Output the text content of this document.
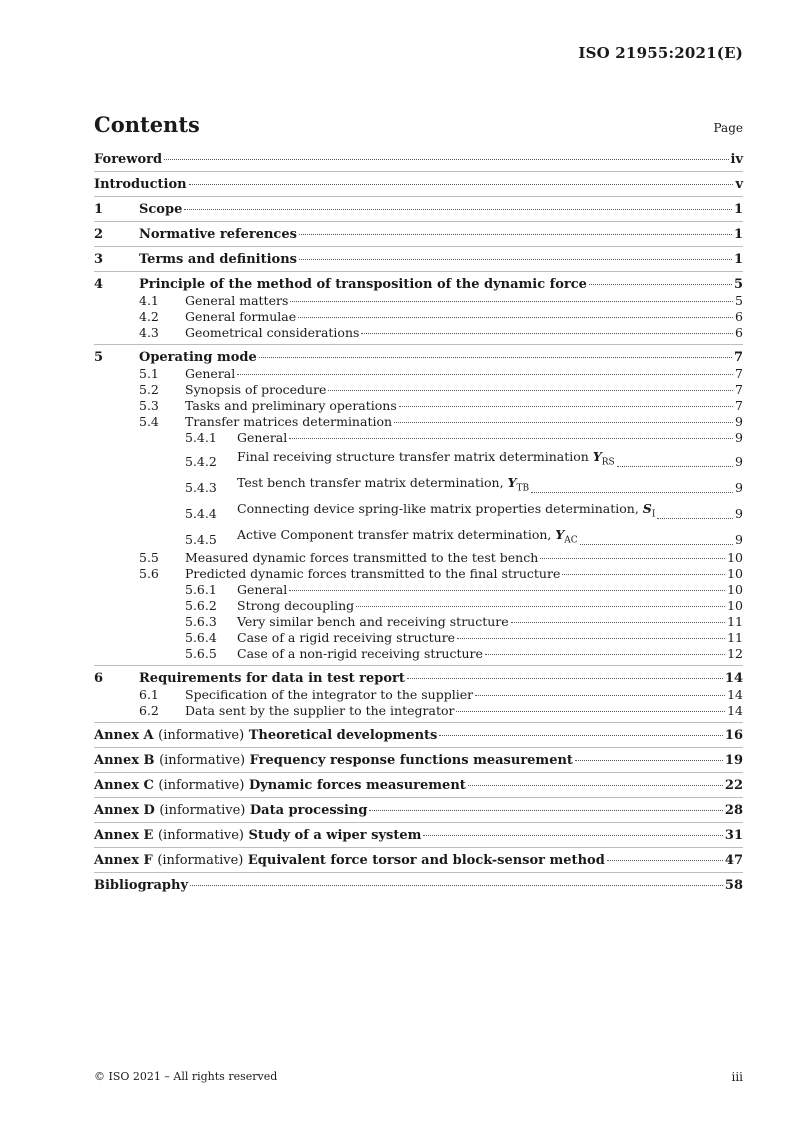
ISO 21955:2021(E)
Contents	Page
Foreword	iv
Introduction	v
1	Scope	1
2	Normative references	1
3	Terms and definitions	1
4	Principle of the method of transposition of the dynamic force	5
4.1	General matters	5
4.2	General formulae	6
4.3	Geometrical considerations	6
5	Operating mode	7
5.1	General	7
5.2	Synopsis of procedure	7
5.3	Tasks and preliminary operations	7
5.4	Transfer matrices determination	9
5.4.1	General	9
5.4.2	Final receiving structure transfer matrix determination $Y_{RS}$	9
5.4.3	Test bench transfer matrix determination, $Y_{TB}$	9
5.4.4	Connecting device spring-like matrix properties determination, $S_I$	9
5.4.5	Active Component transfer matrix determination, $Y_{AC}$	9
5.5	Measured dynamic forces transmitted to the test bench	10
5.6	Predicted dynamic forces transmitted to the final structure	10
5.6.1	General	10
5.6.2	Strong decoupling	10
5.6.3	Very similar bench and receiving structure	11
5.6.4	Case of a rigid receiving structure	11
5.6.5	Case of a non-rigid receiving structure	12
6	Requirements for data in test report	14
6.1	Specification of the integrator to the supplier	14
6.2	Data sent by the supplier to the integrator	14
Annex A (informative) Theoretical developments	16
Annex B (informative) Frequency response functions measurement	19
Annex C (informative) Dynamic forces measurement	22
Annex D (informative) Data processing	28
Annex E (informative) Study of a wiper system	31
Annex F (informative) Equivalent force torsor and block-sensor method	47
Bibliography	58
© ISO 2021 – All rights reserved	iii
